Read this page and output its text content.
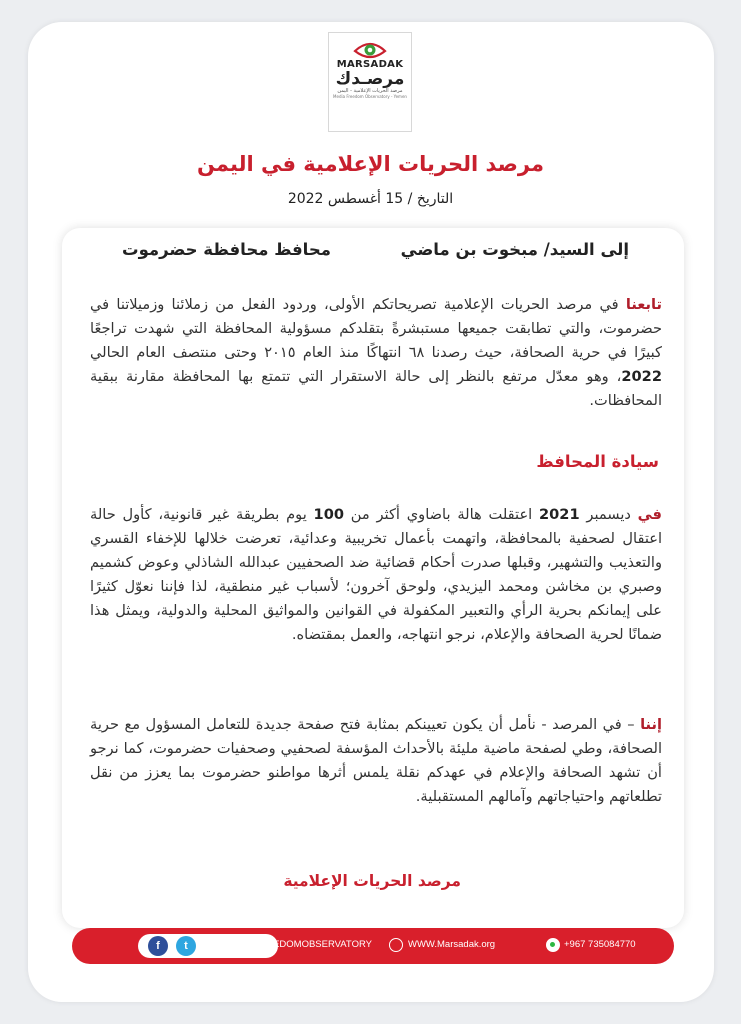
MARSADAK
مرصـدك
مرصد الحريات الإعلامية - اليمن
Media Freedom Observatory - Yemen
مرصد الحريات الإعلامية في اليمن
التاريخ / 15 أغسطس 2022
إلى السيد/ مبخوت بن ماضي
محافظ محافظة حضرموت

تابعنا في مرصد الحريات الإعلامية تصريحاتكم الأولى، وردود الفعل من زملائنا وزميلاتنا في حضرموت، والتي تطابقت جميعها مستبشرةً بتقلدكم مسؤولية المحافظة التي شهدت تراجعًا كبيرًا في حرية الصحافة، حيث رصدنا ٦٨ انتهاكًا منذ العام ٢٠١٥ وحتى منتصف العام الحالي 2022، وهو معدّل مرتفع بالنظر إلى حالة الاستقرار التي تتمتع بها المحافظة مقارنة ببقية المحافظات.

سيادة المحافظ

في ديسمبر 2021 اعتقلت هالة باضاوي أكثر من 100 يوم بطريقة غير قانونية، كأول حالة اعتقال لصحفية بالمحافظة، واتهمت بأعمال تخريبية وعدائية، تعرضت خلالها للإخفاء القسري والتعذيب والتشهير، وقبلها صدرت أحكام قضائية ضد الصحفيين عبدالله الشاذلي وعوض كشميم وصبري بن مخاشن ومحمد اليزيدي، ولوحق آخرون؛ لأسباب غير منطقية، لذا فإننا نعوّل كثيرًا على إيمانكم بحرية الرأي والتعبير المكفولة في القوانين والمواثيق المحلية والدولية، ويمثل هذا ضمانًا لحرية الصحافة والإعلام، نرجو انتهاجه، والعمل بمقتضاه.

إننا – في المرصد - نأمل أن يكون تعيينكم بمثابة فتح صفحة جديدة للتعامل المسؤول مع حرية الصحافة، وطي لصفحة ماضية مليئة بالأحداث المؤسفة لصحفيي وصحفيات حضرموت، كما نرجو أن تشهد الصحافة والإعلام في عهدكم نقلة يلمس أثرها مواطنو حضرموت بما يعزز من نقل تطلعاتهم واحتياجاتهم وآمالهم المستقبلية.

مرصد الحريات الإعلامية
f	t	MEDIAFREEDOMOBSERVATORY	WWW.Marsadak.org	+967 735084770
